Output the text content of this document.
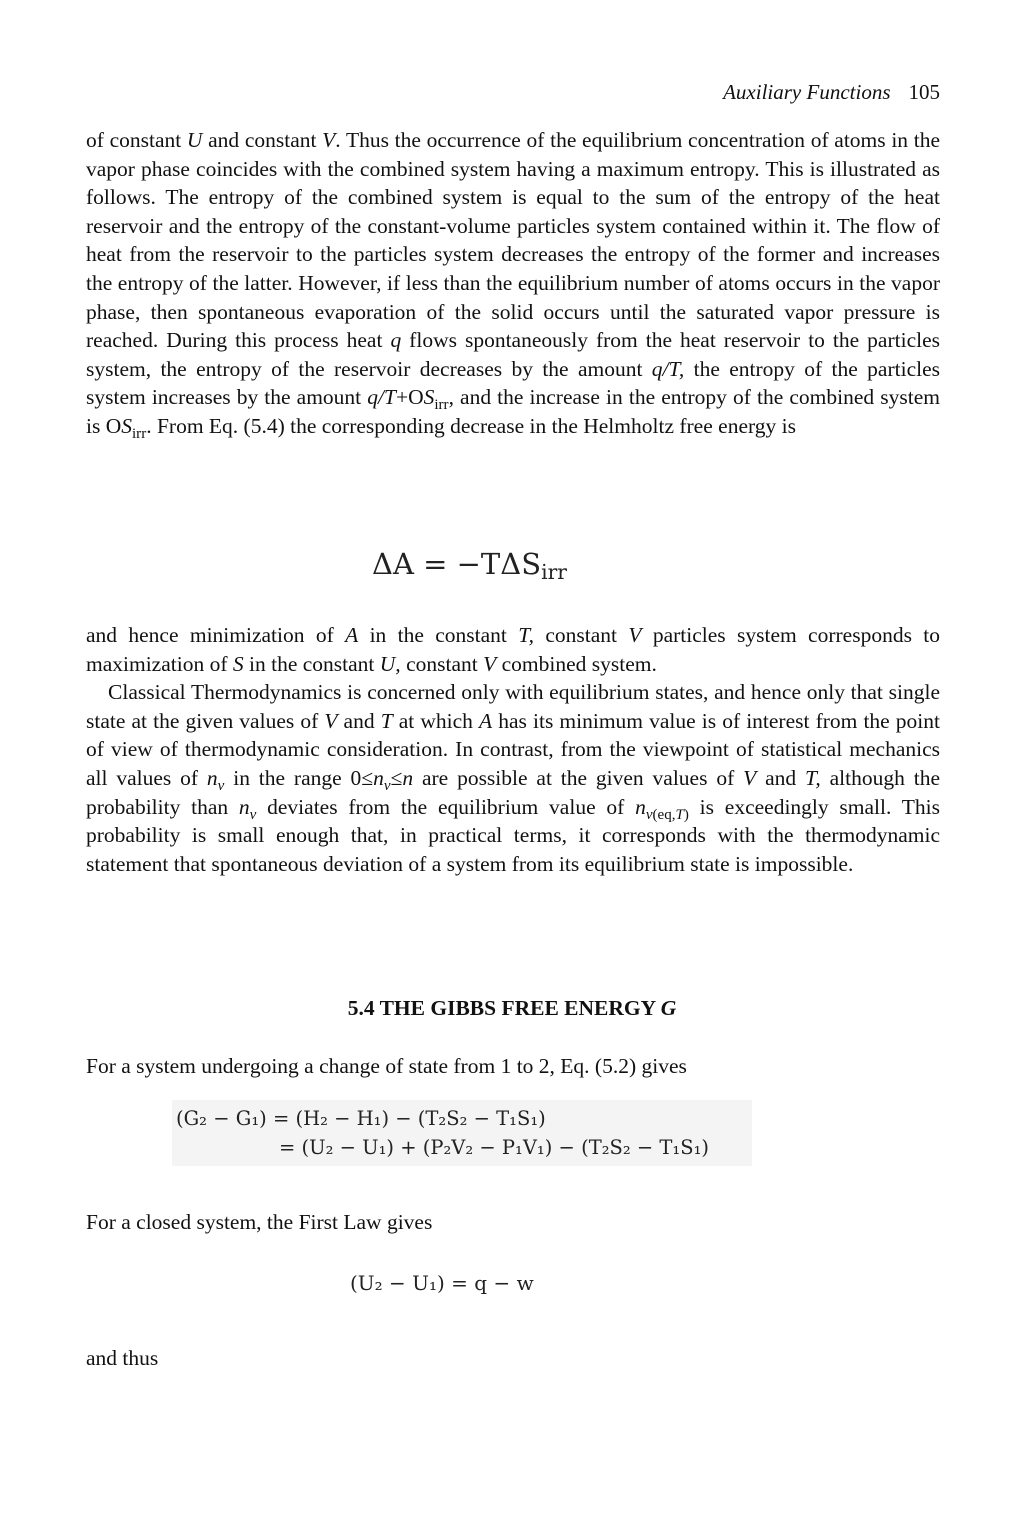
Auxiliary Functions 105

of constant U and constant V. Thus the occurrence of the equilibrium concentration of atoms in the vapor phase coincides with the combined system having a maximum entropy. This is illustrated as follows. The entropy of the combined system is equal to the sum of the entropy of the heat reservoir and the entropy of the constant-volume particles system contained within it. The flow of heat from the reservoir to the particles system decreases the entropy of the former and increases the entropy of the latter. However, if less than the equilibrium number of atoms occurs in the vapor phase, then spontaneous evaporation of the solid occurs until the saturated vapor pressure is reached. During this process heat q flows spontaneously from the heat reservoir to the particles system, the entropy of the reservoir decreases by the amount q/T, the entropy of the particles system increases by the amount $q/T+OS_{irr}$, and the increase in the entropy of the combined system is $OS_{irr}$. From Eq. (5.4) the corresponding decrease in the Helmholtz free energy is

$\Delta A = -T\Delta S_{irr}$

and hence minimization of A in the constant T, constant V particles system corresponds to maximization of S in the constant U, constant V combined system.

Classical Thermodynamics is concerned only with equilibrium states, and hence only that single state at the given values of V and T at which A has its minimum value is of interest from the point of view of thermodynamic consideration. In contrast, from the viewpoint of statistical mechanics all values of $n_v$ in the range $0\le n_v\le n$ are possible at the given values of V and T, although the probability than $n_v$ deviates from the equilibrium value of $n_{v(eq,T)}$ is exceedingly small. This probability is small enough that, in practical terms, it corresponds with the thermodynamic statement that spontaneous deviation of a system from its equilibrium state is impossible.

5.4 THE GIBBS FREE ENERGY G

For a system undergoing a change of state from 1 to 2, Eq. (5.2) gives

(G₂ − G₁) = (H₂ − H₁) − (T₂S₂ − T₁S₁)
= (U₂ − U₁) + (P₂V₂ − P₁V₁) − (T₂S₂ − T₁S₁)

For a closed system, the First Law gives

(U₂ − U₁) = q − w

and thus
